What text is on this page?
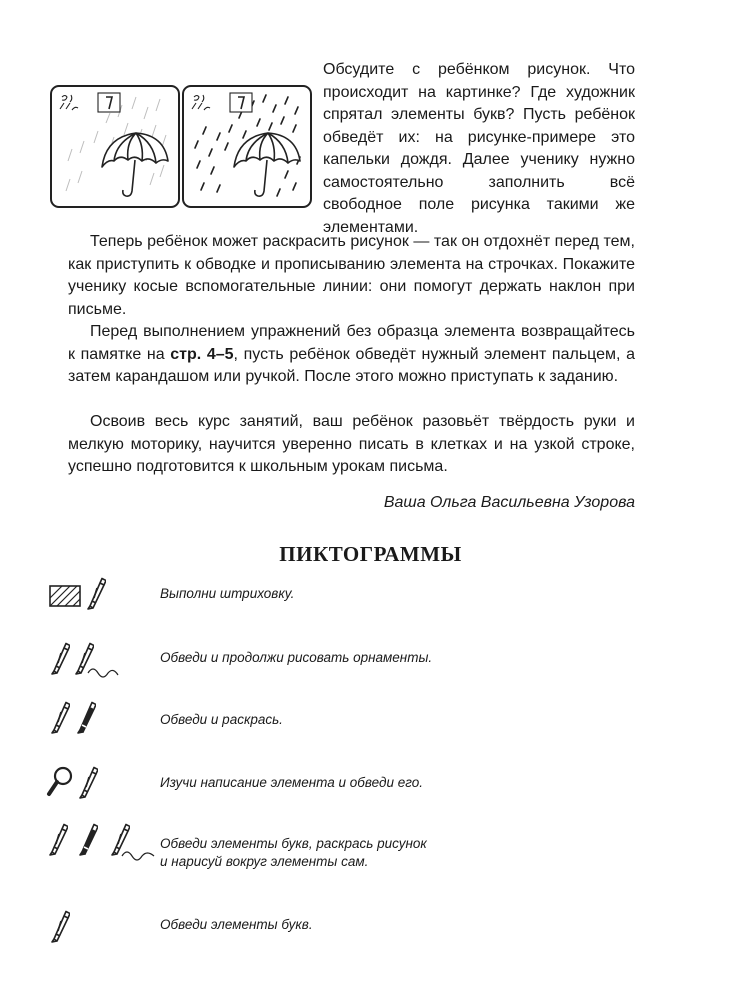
Обсудите с ребёнком рисунок. Что происходит на картинке? Где художник спрятал элементы букв? Пусть ребёнок обведёт их: на рисунке-примере это капельки дождя. Далее ученику нужно самостоятельно заполнить всё свободное поле рисунка такими же элементами.

Теперь ребёнок может раскрасить рисунок — так он отдохнёт перед тем, как приступить к обводке и прописыванию элемента на строчках. Покажите ученику косые вспомогательные линии: они помогут держать наклон при письме.

Перед выполнением упражнений без образца элемента возвращайтесь к памятке на стр. 4–5, пусть ребёнок обведёт нужный элемент пальцем, а затем карандашом или ручкой. После этого можно приступать к заданию.

Освоив весь курс занятий, ваш ребёнок разовьёт твёрдость руки и мелкую моторику, научится уверенно писать в клетках и на узкой строке, успешно подготовится к школьным урокам письма.

Ваша Ольга Васильевна Узорова
ПИКТОГРАММЫ
Выполни штриховку.
Обведи и продолжи рисовать орнаменты.
Обведи и раскрась.
Изучи написание элемента и обведи его.
Обведи элементы букв, раскрась рисунок
и нарисуй вокруг элементы сам.
Обведи элементы букв.
